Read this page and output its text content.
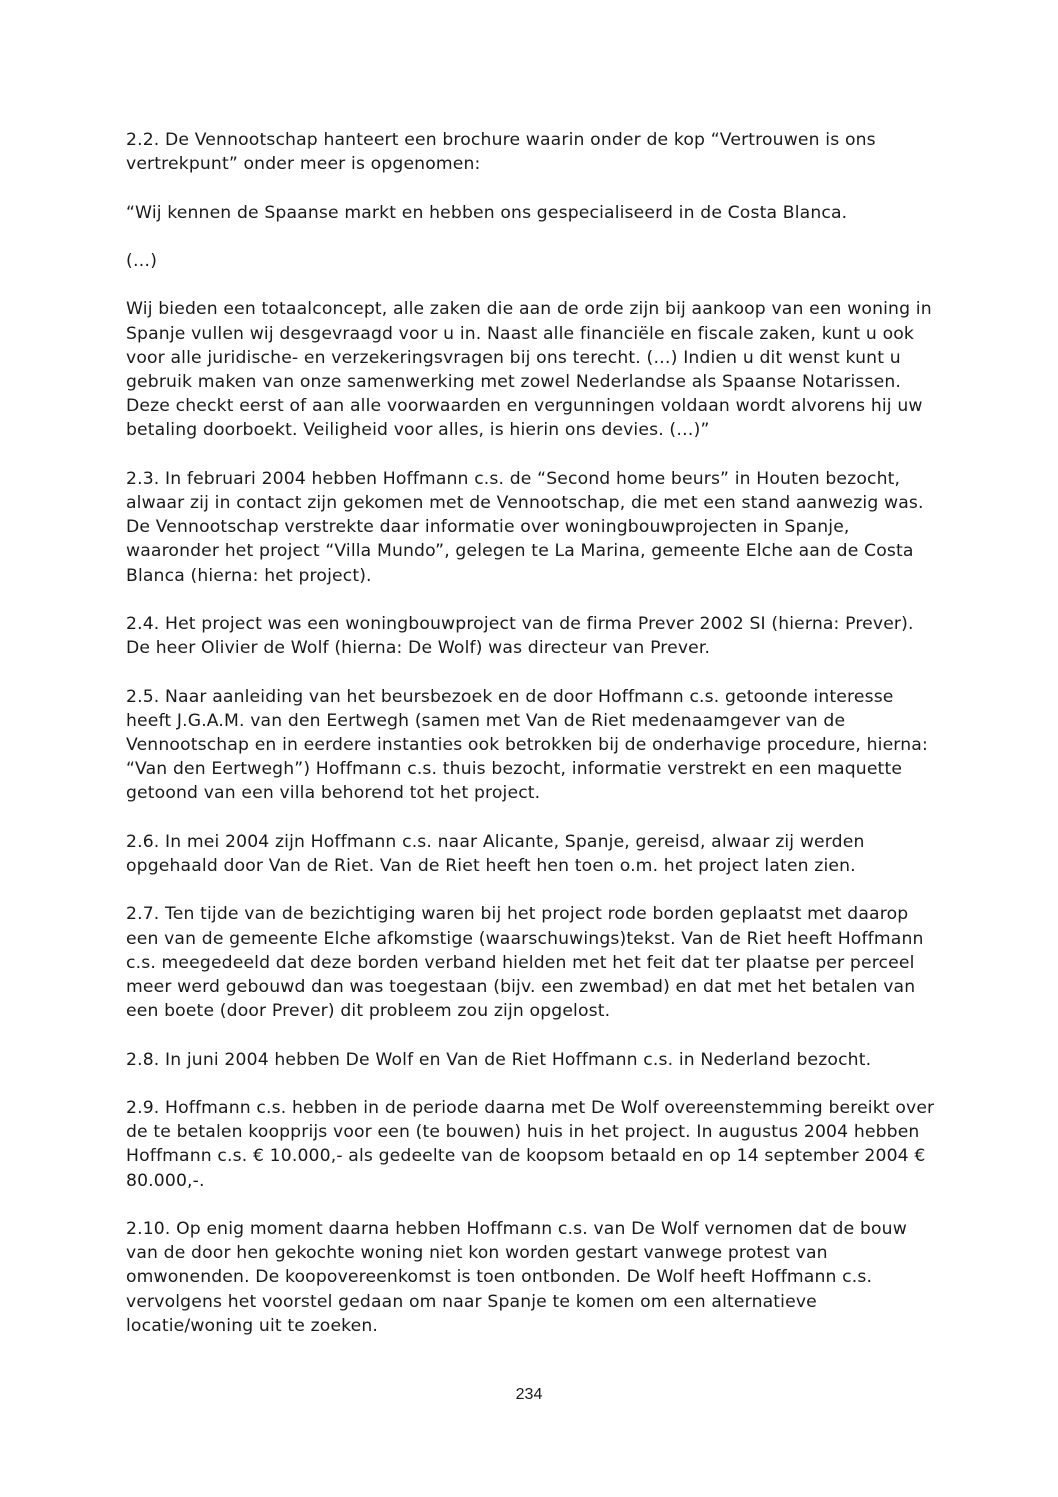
2.2. De Vennootschap hanteert een brochure waarin onder de kop “Vertrouwen is ons vertrekpunt” onder meer is opgenomen:

“Wij kennen de Spaanse markt en hebben ons gespecialiseerd in de Costa Blanca.

(…)

Wij bieden een totaalconcept, alle zaken die aan de orde zijn bij aankoop van een woning in Spanje vullen wij desgevraagd voor u in. Naast alle financiële en fiscale zaken, kunt u ook voor alle juridische- en verzekeringsvragen bij ons terecht. (…) Indien u dit wenst kunt u gebruik maken van onze samenwerking met zowel Nederlandse als Spaanse Notarissen. Deze checkt eerst of aan alle voorwaarden en vergunningen voldaan wordt alvorens hij uw betaling doorboekt. Veiligheid voor alles, is hierin ons devies. (…)”

2.3. In februari 2004 hebben Hoffmann c.s. de “Second home beurs” in Houten bezocht, alwaar zij in contact zijn gekomen met de Vennootschap, die met een stand aanwezig was. De Vennootschap verstrekte daar informatie over woningbouwprojecten in Spanje, waaronder het project “Villa Mundo”, gelegen te La Marina, gemeente Elche aan de Costa Blanca (hierna: het project).

2.4. Het project was een woningbouwproject van de firma Prever 2002 SI (hierna: Prever). De heer Olivier de Wolf (hierna: De Wolf) was directeur van Prever.

2.5. Naar aanleiding van het beursbezoek en de door Hoffmann c.s. getoonde interesse heeft J.G.A.M. van den Eertwegh (samen met Van de Riet medenaamgever van de Vennootschap en in eerdere instanties ook betrokken bij de onderhavige procedure, hierna: “Van den Eertwegh”) Hoffmann c.s. thuis bezocht, informatie verstrekt en een maquette getoond van een villa behorend tot het project.

2.6. In mei 2004 zijn Hoffmann c.s. naar Alicante, Spanje, gereisd, alwaar zij werden opgehaald door Van de Riet. Van de Riet heeft hen toen o.m. het project laten zien.

2.7. Ten tijde van de bezichtiging waren bij het project rode borden geplaatst met daarop een van de gemeente Elche afkomstige (waarschuwings)tekst. Van de Riet heeft Hoffmann c.s. meegedeeld dat deze borden verband hielden met het feit dat ter plaatse per perceel meer werd gebouwd dan was toegestaan (bijv. een zwembad) en dat met het betalen van een boete (door Prever) dit probleem zou zijn opgelost.

2.8. In juni 2004 hebben De Wolf en Van de Riet Hoffmann c.s. in Nederland bezocht.

2.9. Hoffmann c.s. hebben in de periode daarna met De Wolf overeenstemming bereikt over de te betalen koopprijs voor een (te bouwen) huis in het project. In augustus 2004 hebben Hoffmann c.s. € 10.000,- als gedeelte van de koopsom betaald en op 14 september 2004 € 80.000,-.

2.10. Op enig moment daarna hebben Hoffmann c.s. van De Wolf vernomen dat de bouw van de door hen gekochte woning niet kon worden gestart vanwege protest van omwonenden. De koopovereenkomst is toen ontbonden. De Wolf heeft Hoffmann c.s. vervolgens het voorstel gedaan om naar Spanje te komen om een alternatieve locatie/woning uit te zoeken.

234
